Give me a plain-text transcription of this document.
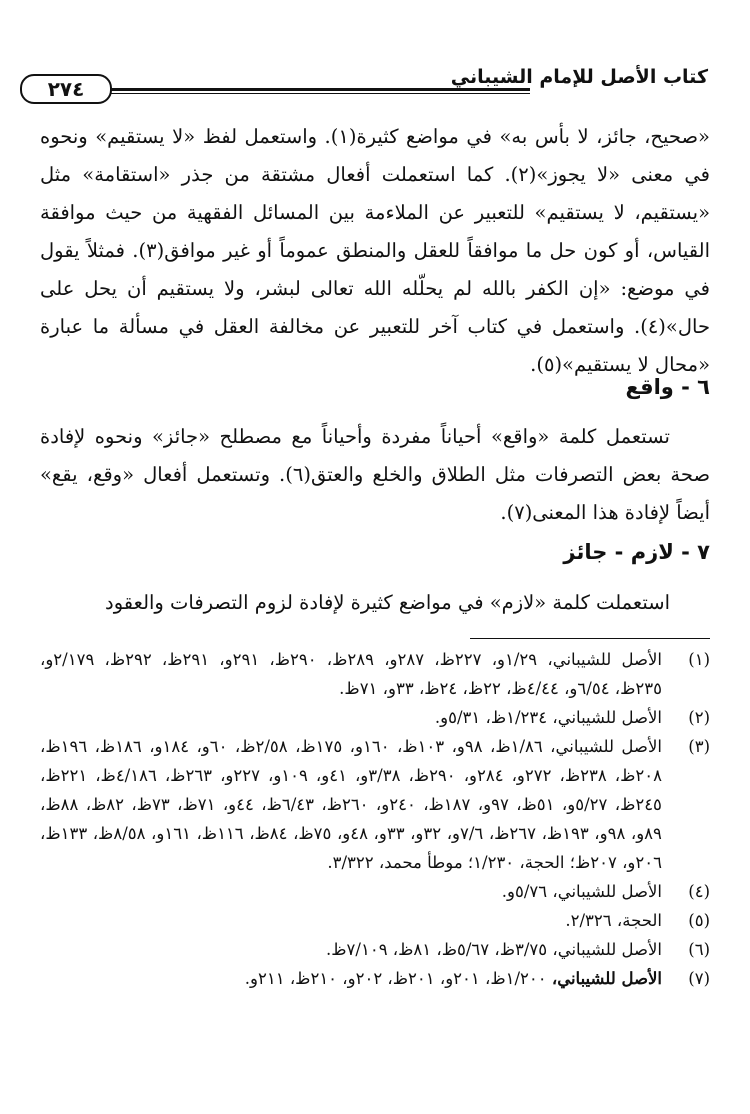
كتاب الأصل للإمام الشيباني
٢٧٤

«صحيح، جائز، لا بأس به» في مواضع كثيرة(١). واستعمل لفظ «لا يستقيم» ونحوه في معنى «لا يجوز»(٢). كما استعملت أفعال مشتقة من جذر «استقامة» مثل «يستقيم، لا يستقيم» للتعبير عن الملاءمة بين المسائل الفقهية من حيث موافقة القياس، أو كون حل ما موافقاً للعقل والمنطق عموماً أو غير موافق(٣). فمثلاً يقول في موضع: «إن الكفر بالله لم يحلّله الله تعالى لبشر، ولا يستقيم أن يحل على حال»(٤). واستعمل في كتاب آخر للتعبير عن مخالفة العقل في مسألة ما عبارة «محال لا يستقيم»(٥).

٦ - واقع

تستعمل كلمة «واقع» أحياناً مفردة وأحياناً مع مصطلح «جائز» ونحوه لإفادة صحة بعض التصرفات مثل الطلاق والخلع والعتق(٦). وتستعمل أفعال «وقع، يقع» أيضاً لإفادة هذا المعنى(٧).

٧ - لازم - جائز

استعملت كلمة «لازم» في مواضع كثيرة لإفادة لزوم التصرفات والعقود

(١)
الأصل للشيباني، ١/٢٩و، ٢٢٧ظ، ٢٨٧و، ٢٨٩ظ، ٢٩٠ظ، ٢٩١و، ٢٩١ظ، ٢٩٢ظ، ٢/١٧٩و، ٢٣٥ظ، ٦/٥٤و، ٤/٤٤ظ، ٢٢ظ، ٢٤ظ، ٣٣و، ٧١ظ.
(٢)
الأصل للشيباني، ١/٢٣٤ظ، ٥/٣١و.
(٣)
الأصل للشيباني، ١/٨٦ظ، ٩٨و، ١٠٣ظ، ١٦٠و، ١٧٥ظ، ٢/٥٨ظ، ٦٠و، ١٨٤و، ١٨٦ظ، ١٩٦ظ، ٢٠٨ظ، ٢٣٨ظ، ٢٧٢و، ٢٨٤و، ٢٩٠ظ، ٣/٣٨و، ٤١و، ١٠٩و، ٢٢٧و، ٢٦٣ظ، ٤/١٨٦ظ، ٢٢١ظ، ٢٤٥ظ، ٥/٢٧و، ٥١ظ، ٩٧و، ١٨٧ظ، ٢٤٠و، ٢٦٠ظ، ٦/٤٣ظ، ٤٤و، ٧١ظ، ٧٣ظ، ٨٢ظ، ٨٨ظ، ٨٩و، ٩٨و، ١٩٣ظ، ٢٦٧ظ، ٧/٦و، ٣٢و، ٣٣و، ٤٨و، ٧٥ظ، ٨٤ظ، ١١٦ظ، ١٦١و، ٨/٥٨ظ، ١٣٣ظ، ٢٠٦و، ٢٠٧ظ؛ الحجة، ١/٢٣٠؛ موطأ محمد، ٣/٣٢٢.
(٤)
الأصل للشيباني، ٥/٧٦و.
(٥)
الحجة، ٢/٣٢٦.
(٦)
الأصل للشيباني، ٣/٧٥ظ، ٥/٦٧ظ، ٨١ظ، ٧/١٠٩ظ.
(٧)
الأصل للشيباني، ١/٢٠٠ظ، ٢٠١و، ٢٠١ظ، ٢٠٢و، ٢١٠ظ، ٢١١و.
